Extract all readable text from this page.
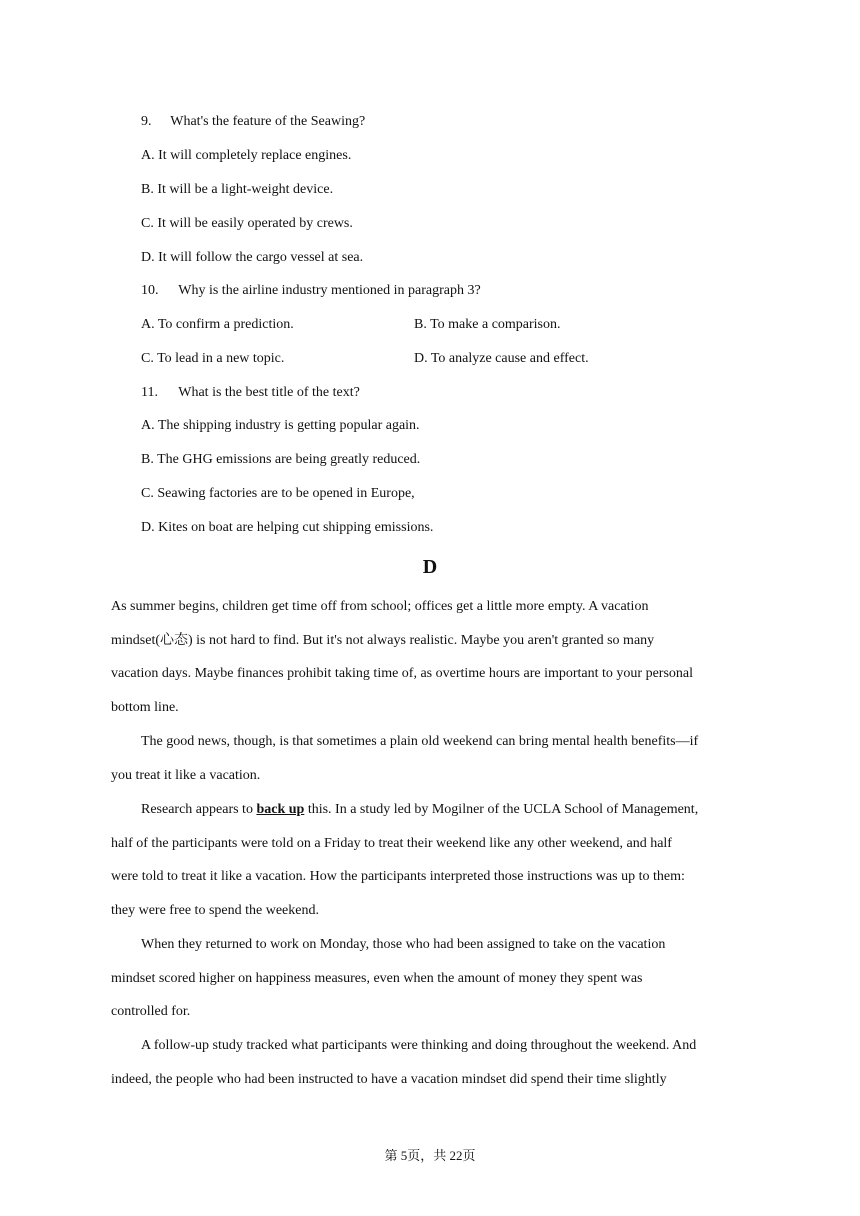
9. What's the feature of the Seawing?
A. It will completely replace engines.
B. It will be a light-weight device.
C. It will be easily operated by crews.
D. It will follow the cargo vessel at sea.
10. Why is the airline industry mentioned in paragraph 3?
A. To confirm a prediction.	B. To make a comparison.
C. To lead in a new topic.	D. To analyze cause and effect.
11. What is the best title of the text?
A. The shipping industry is getting popular again.
B. The GHG emissions are being greatly reduced.
C. Seawing factories are to be opened in Europe,
D. Kites on boat are helping cut shipping emissions.
D
As summer begins, children get time off from school; offices get a little more empty. A vacation
mindset(心态) is not hard to find. But it's not always realistic. Maybe you aren't granted so many
vacation days. Maybe finances prohibit taking time of, as overtime hours are important to your personal
bottom line.
The good news, though, is that sometimes a plain old weekend can bring mental health benefits—if
you treat it like a vacation.
Research appears to back up this. In a study led by Mogilner of the UCLA School of Management,
half of the participants were told on a Friday to treat their weekend like any other weekend, and half
were told to treat it like a vacation. How the participants interpreted those instructions was up to them:
they were free to spend the weekend.
When they returned to work on Monday, those who had been assigned to take on the vacation
mindset scored higher on happiness measures, even when the amount of money they spent was
controlled for.
A follow-up study tracked what participants were thinking and doing throughout the weekend. And
indeed, the people who had been instructed to have a vacation mindset did spend their time slightly
第 5页，共 22页
